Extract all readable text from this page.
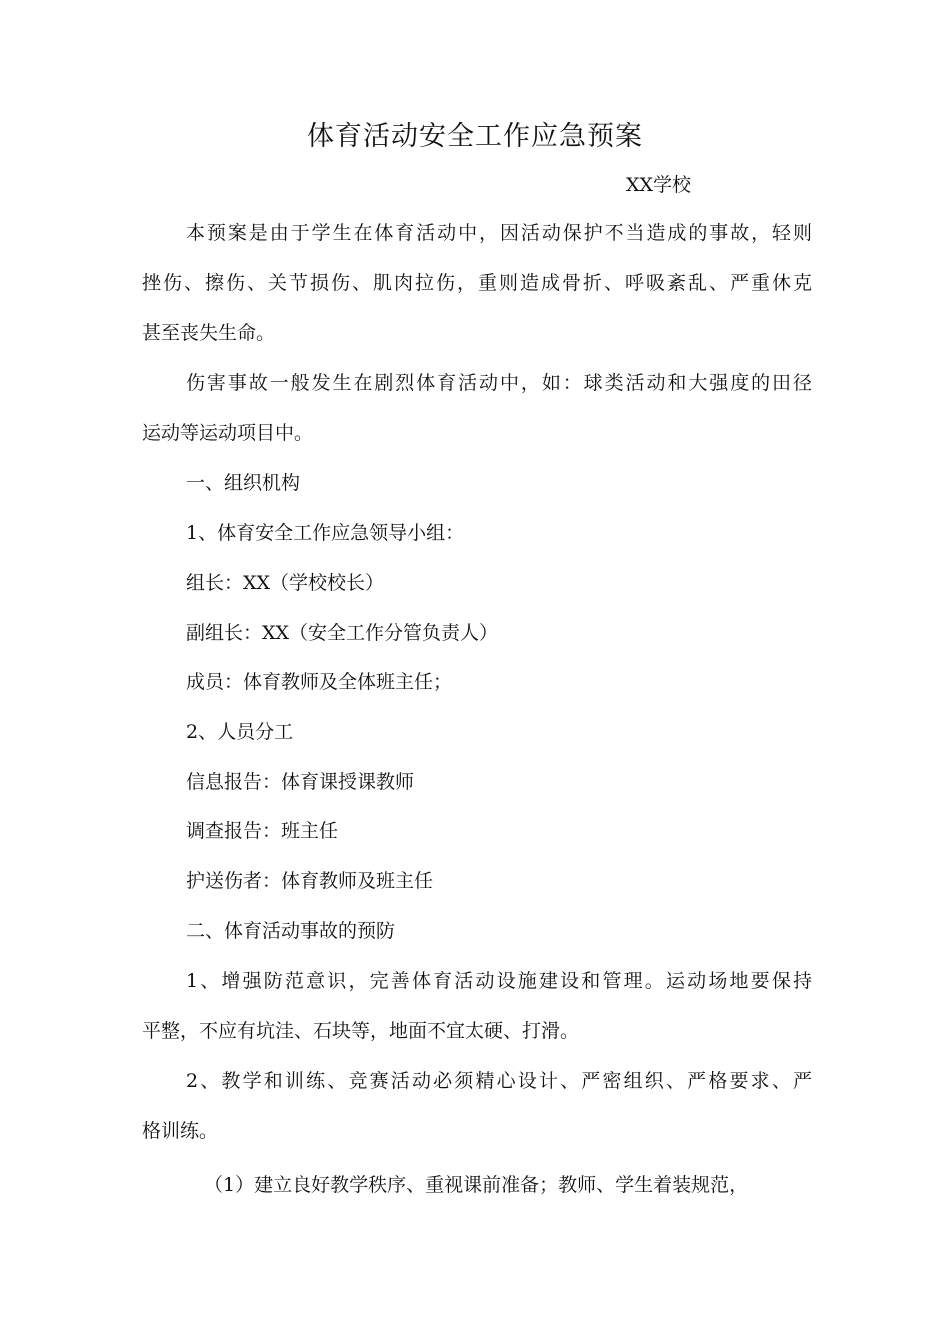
体育活动安全工作应急预案
XX学校
本预案是由于学生在体育活动中，因活动保护不当造成的事故，轻则
挫伤、擦伤、关节损伤、肌肉拉伤，重则造成骨折、呼吸紊乱、严重休克
甚至丧失生命。
伤害事故一般发生在剧烈体育活动中，如：球类活动和大强度的田径
运动等运动项目中。
一、组织机构
1、体育安全工作应急领导小组：
组长：XX（学校校长）
副组长：XX（安全工作分管负责人）
成员：体育教师及全体班主任；
2、人员分工
信息报告：体育课授课教师
调查报告：班主任
护送伤者：体育教师及班主任
二、体育活动事故的预防
1、增强防范意识，完善体育活动设施建设和管理。运动场地要保持
平整，不应有坑洼、石块等，地面不宜太硬、打滑。
2、教学和训练、竞赛活动必须精心设计、严密组织、严格要求、严
格训练。
（1）建立良好教学秩序、重视课前准备；教师、学生着装规范，
